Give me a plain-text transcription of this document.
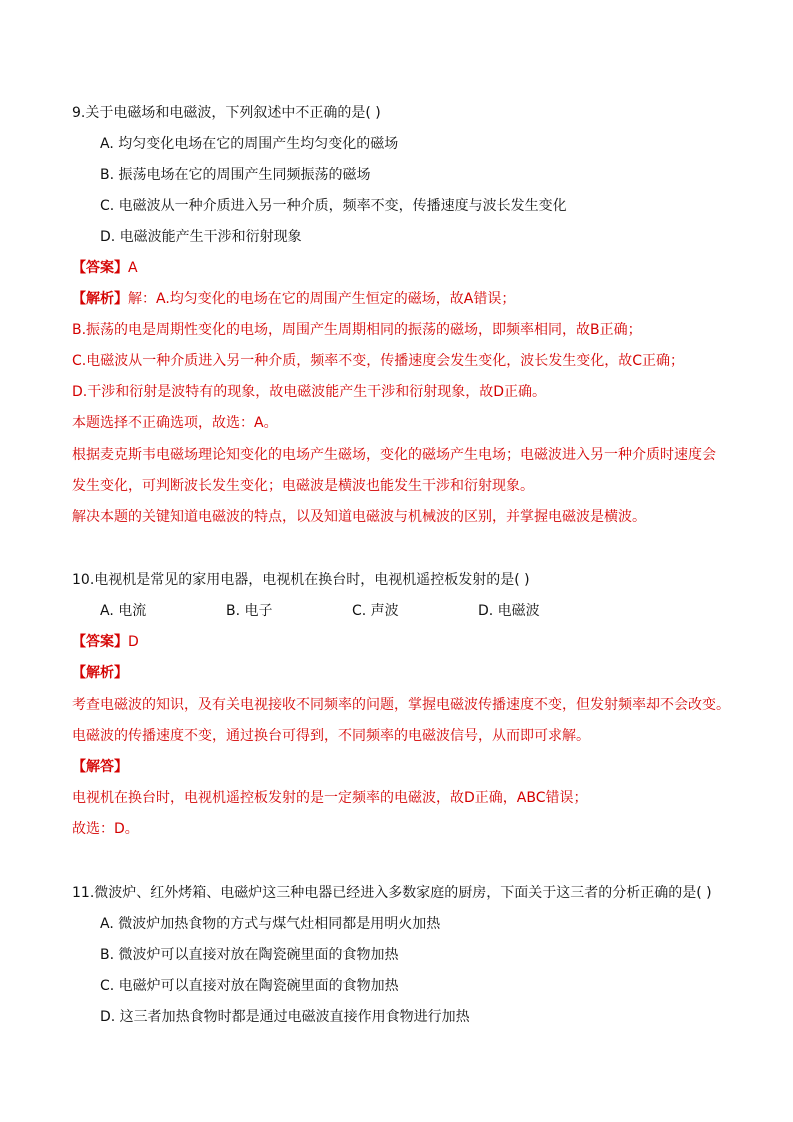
9.关于电磁场和电磁波，下列叙述中不正确的是( )
A. 均匀变化电场在它的周围产生均匀变化的磁场
B. 振荡电场在它的周围产生同频振荡的磁场
C. 电磁波从一种介质进入另一种介质，频率不变，传播速度与波长发生变化
D. 电磁波能产生干涉和衍射现象
【答案】A
【解析】解：A.均匀变化的电场在它的周围产生恒定的磁场，故A错误；
B.振荡的电是周期性变化的电场，周围产生周期相同的振荡的磁场，即频率相同，故B正确；
C.电磁波从一种介质进入另一种介质，频率不变，传播速度会发生变化，波长发生变化，故C正确；
D.干涉和衍射是波特有的现象，故电磁波能产生干涉和衍射现象，故D正确。
本题选择不正确选项，故选：A。
根据麦克斯韦电磁场理论知变化的电场产生磁场，变化的磁场产生电场；电磁波进入另一种介质时速度会
发生变化，可判断波长发生变化；电磁波是横波也能发生干涉和衍射现象。
解决本题的关键知道电磁波的特点，以及知道电磁波与机械波的区别，并掌握电磁波是横波。
10.电视机是常见的家用电器，电视机在换台时，电视机遥控板发射的是( )
A. 电流	B. 电子	C. 声波	D. 电磁波
【答案】D
【解析】
考查电磁波的知识，及有关电视接收不同频率的问题，掌握电磁波传播速度不变，但发射频率却不会改变。
电磁波的传播速度不变，通过换台可得到，不同频率的电磁波信号，从而即可求解。
【解答】
电视机在换台时，电视机遥控板发射的是一定频率的电磁波，故D正确，ABC错误；
故选：D。
11.微波炉、红外烤箱、电磁炉这三种电器已经进入多数家庭的厨房，下面关于这三者的分析正确的是( )
A. 微波炉加热食物的方式与煤气灶相同都是用明火加热
B. 微波炉可以直接对放在陶瓷碗里面的食物加热
C. 电磁炉可以直接对放在陶瓷碗里面的食物加热
D. 这三者加热食物时都是通过电磁波直接作用食物进行加热
